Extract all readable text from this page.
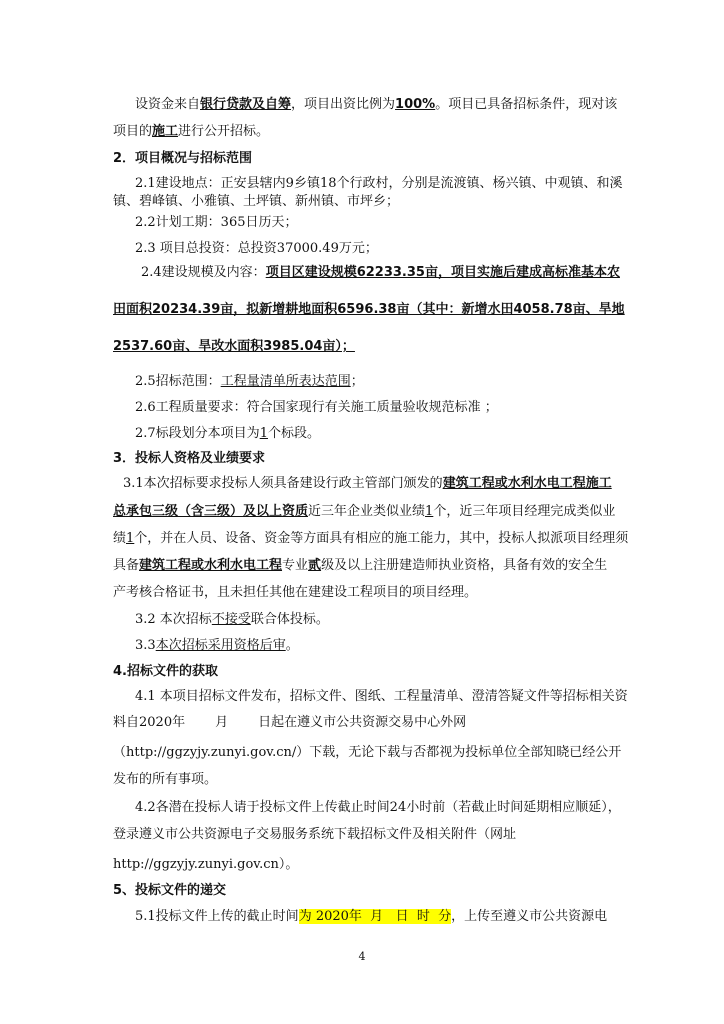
设资金来自银行贷款及自筹，项目出资比例为100%。项目已具备招标条件，现对该
项目的施工进行公开招标。
2．项目概况与招标范围
2.1建设地点：正安县辖内9乡镇18个行政村，分别是流渡镇、杨兴镇、中观镇、和溪
镇、碧峰镇、小雅镇、土坪镇、新州镇、市坪乡；
2.2计划工期：365日历天；
2.3 项目总投资：总投资37000.49万元；
2.4建设规模及内容：项目区建设规模62233.35亩，项目实施后建成高标准基本农
田面积20234.39亩，拟新增耕地面积6596.38亩（其中：新增水田4058.78亩、旱地
2537.60亩、旱改水面积3985.04亩）；
2.5招标范围：工程量清单所表达范围；
2.6工程质量要求：符合国家现行有关施工质量验收规范标准 ；
2.7标段划分本项目为1个标段。
3．投标人资格及业绩要求
3.1本次招标要求投标人须具备建设行政主管部门颁发的建筑工程或水利水电工程施工
总承包三级（含三级）及以上资质近三年企业类似业绩1个，近三年项目经理完成类似业
绩1个，并在人员、设备、资金等方面具有相应的施工能力，其中，投标人拟派项目经理须
具备建筑工程或水利水电工程专业贰级及以上注册建造师执业资格，具备有效的安全生
产考核合格证书，且未担任其他在建建设工程项目的项目经理。
3.2 本次招标不接受联合体投标。
3.3本次招标采用资格后审。
4.招标文件的获取
4.1 本项目招标文件发布，招标文件、图纸、工程量清单、澄清答疑文件等招标相关资
料自2020年 月 日起在遵义市公共资源交易中心外网
（http://ggzyjy.zunyi.gov.cn/）下载，无论下载与否都视为投标单位全部知晓已经公开
发布的所有事项。
4.2各潜在投标人请于投标文件上传截止时间24小时前（若截止时间延期相应顺延），
登录遵义市公共资源电子交易服务系统下载招标文件及相关附件（网址
http://ggzyjy.zunyi.gov.cn）。
5、投标文件的递交
5.1投标文件上传的截止时间为 2020年  月   日  时  分，上传至遵义市公共资源电
4
